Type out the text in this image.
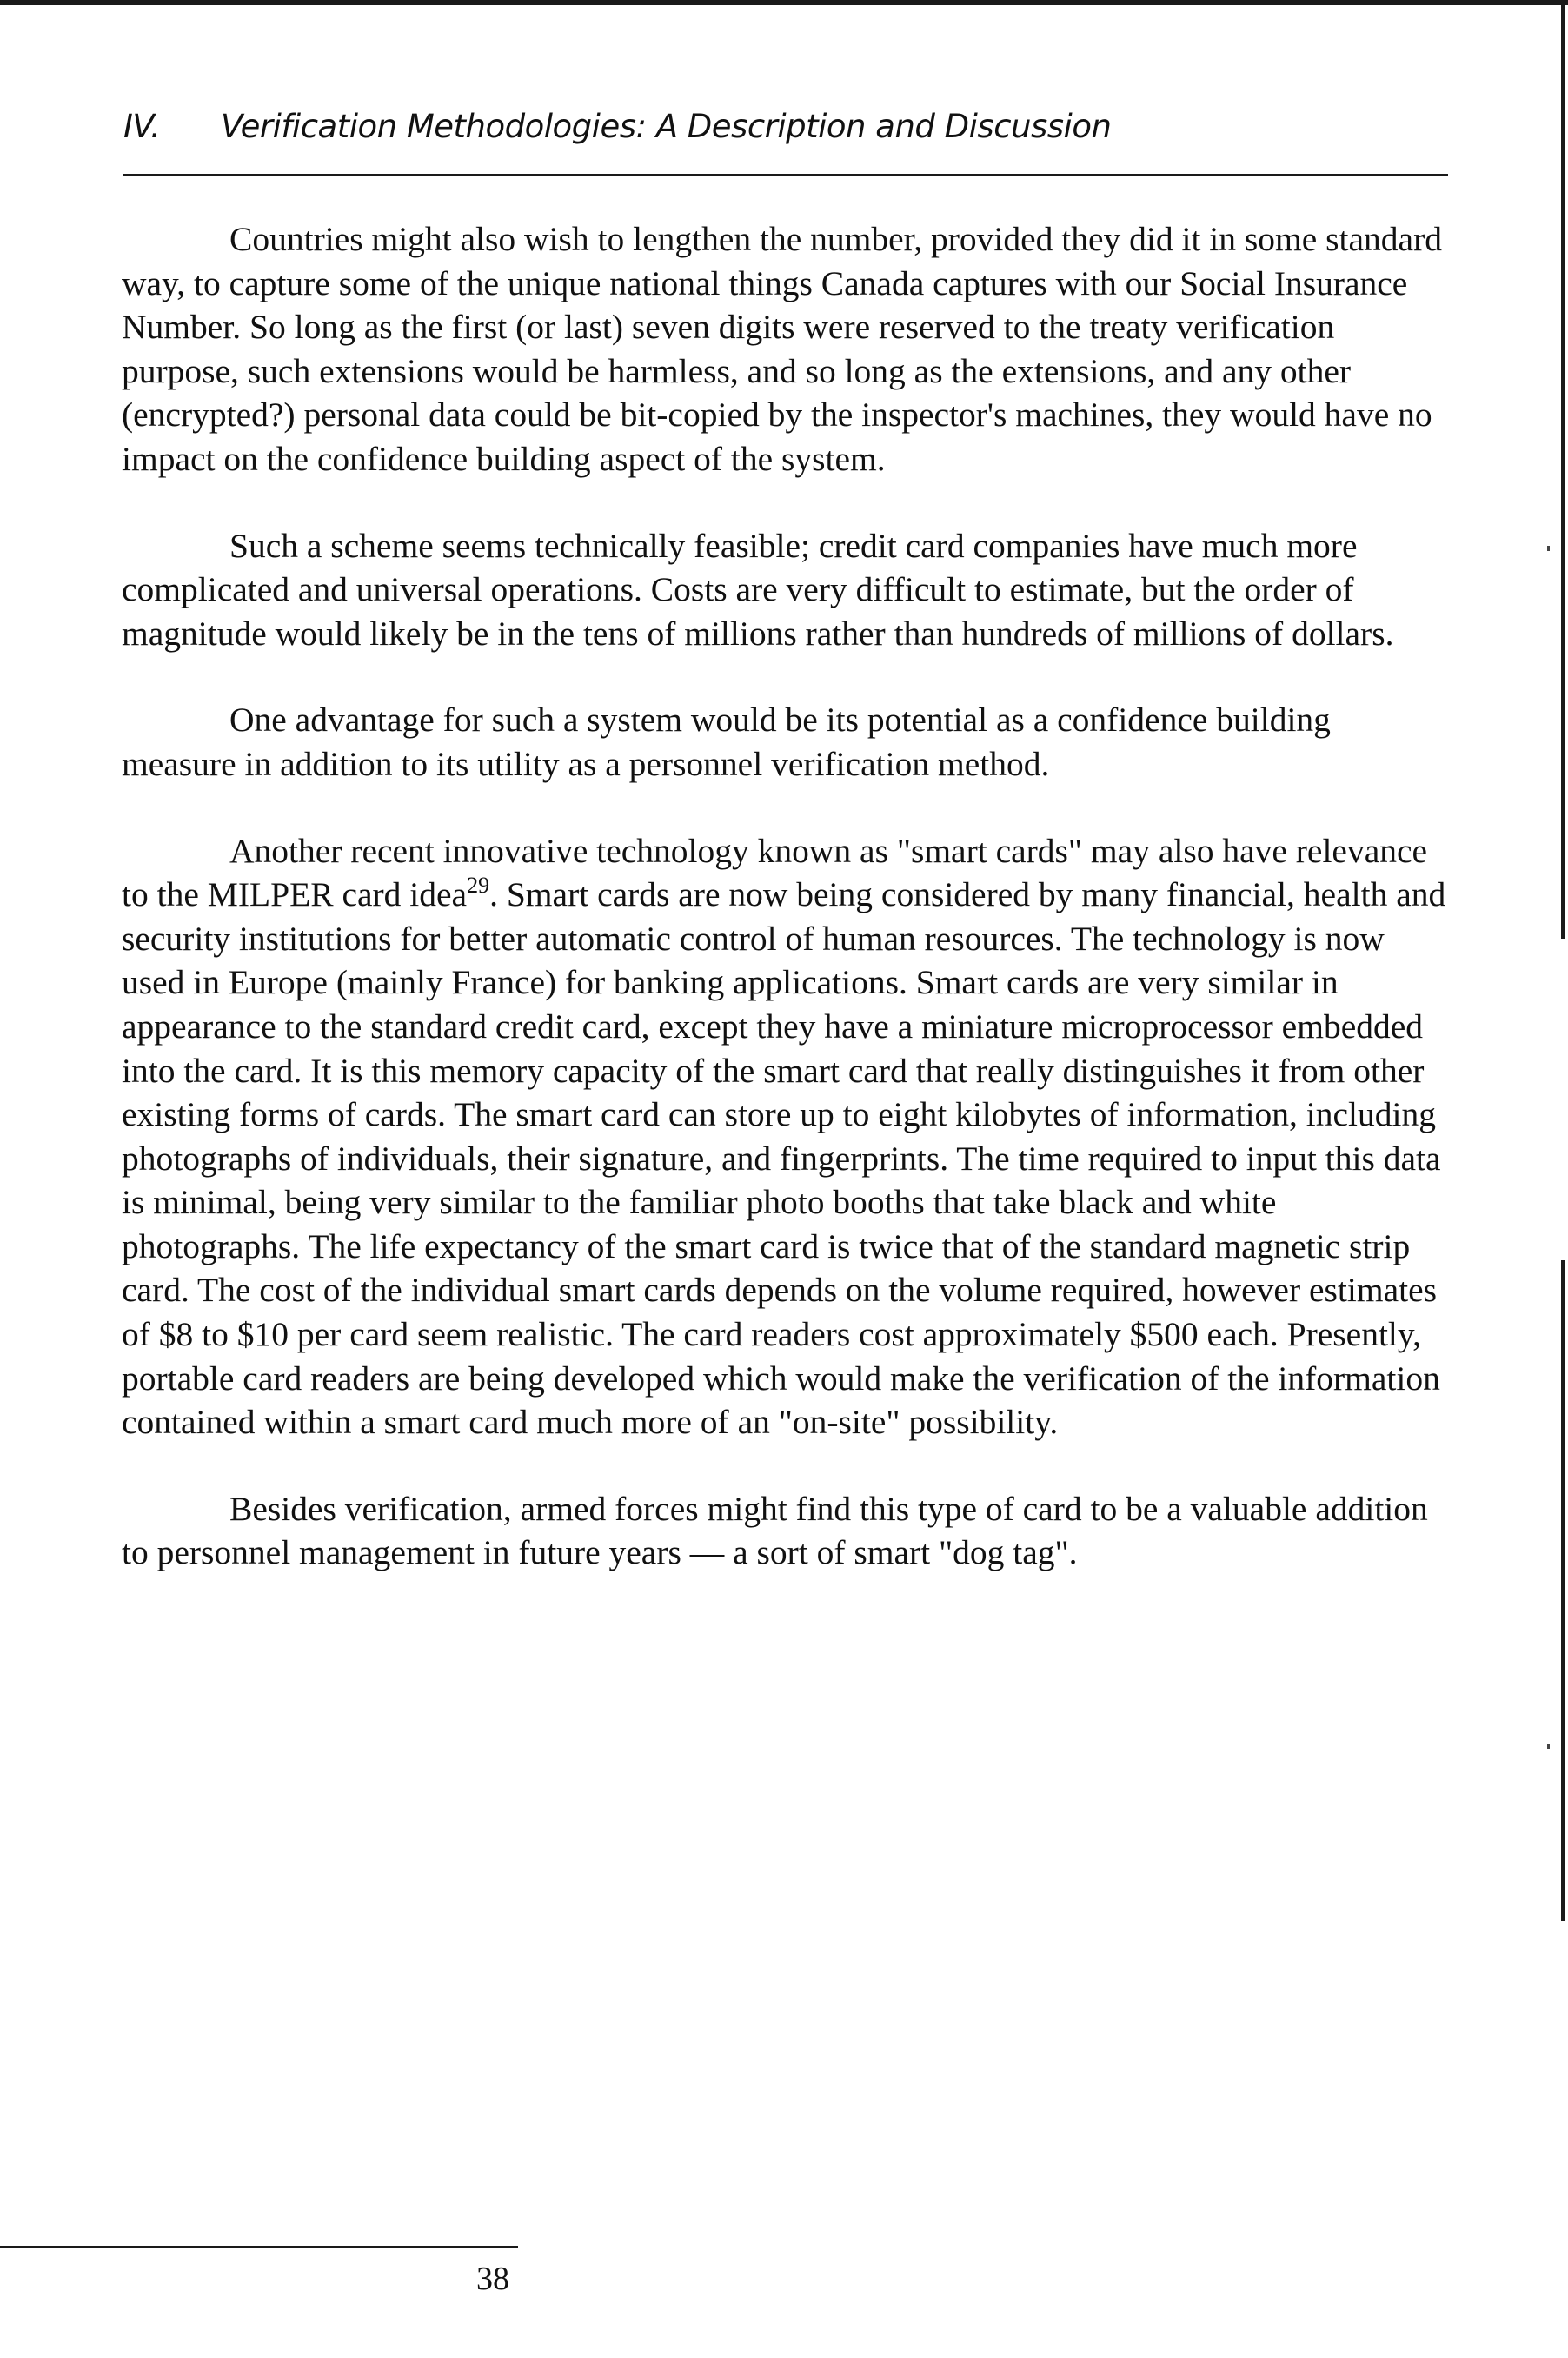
IV. Verification Methodologies: A Description and Discussion

Countries might also wish to lengthen the number, provided they did it in some standard way, to capture some of the unique national things Canada captures with our Social Insurance Number. So long as the first (or last) seven digits were reserved to the treaty verification purpose, such extensions would be harmless, and so long as the extensions, and any other (encrypted?) personal data could be bit-copied by the inspector's machines, they would have no impact on the confidence building aspect of the system.

Such a scheme seems technically feasible; credit card companies have much more complicated and universal operations. Costs are very difficult to estimate, but the order of magnitude would likely be in the tens of millions rather than hundreds of millions of dollars.

One advantage for such a system would be its potential as a confidence building measure in addition to its utility as a personnel verification method.

Another recent innovative technology known as "smart cards" may also have relevance to the MILPER card idea$^{29}$. Smart cards are now being considered by many financial, health and security institutions for better automatic control of human resources. The technology is now used in Europe (mainly France) for banking applications. Smart cards are very similar in appearance to the standard credit card, except they have a miniature microprocessor embedded into the card. It is this memory capacity of the smart card that really distinguishes it from other existing forms of cards. The smart card can store up to eight kilobytes of information, including photographs of individuals, their signature, and fingerprints. The time required to input this data is minimal, being very similar to the familiar photo booths that take black and white photographs. The life expectancy of the smart card is twice that of the standard magnetic strip card. The cost of the individual smart cards depends on the volume required, however estimates of $8 to $10 per card seem realistic. The card readers cost approximately $500 each. Presently, portable card readers are being developed which would make the verification of the information contained within a smart card much more of an "on-site" possibility.

Besides verification, armed forces might find this type of card to be a valuable addition to personnel management in future years — a sort of smart "dog tag".

38
